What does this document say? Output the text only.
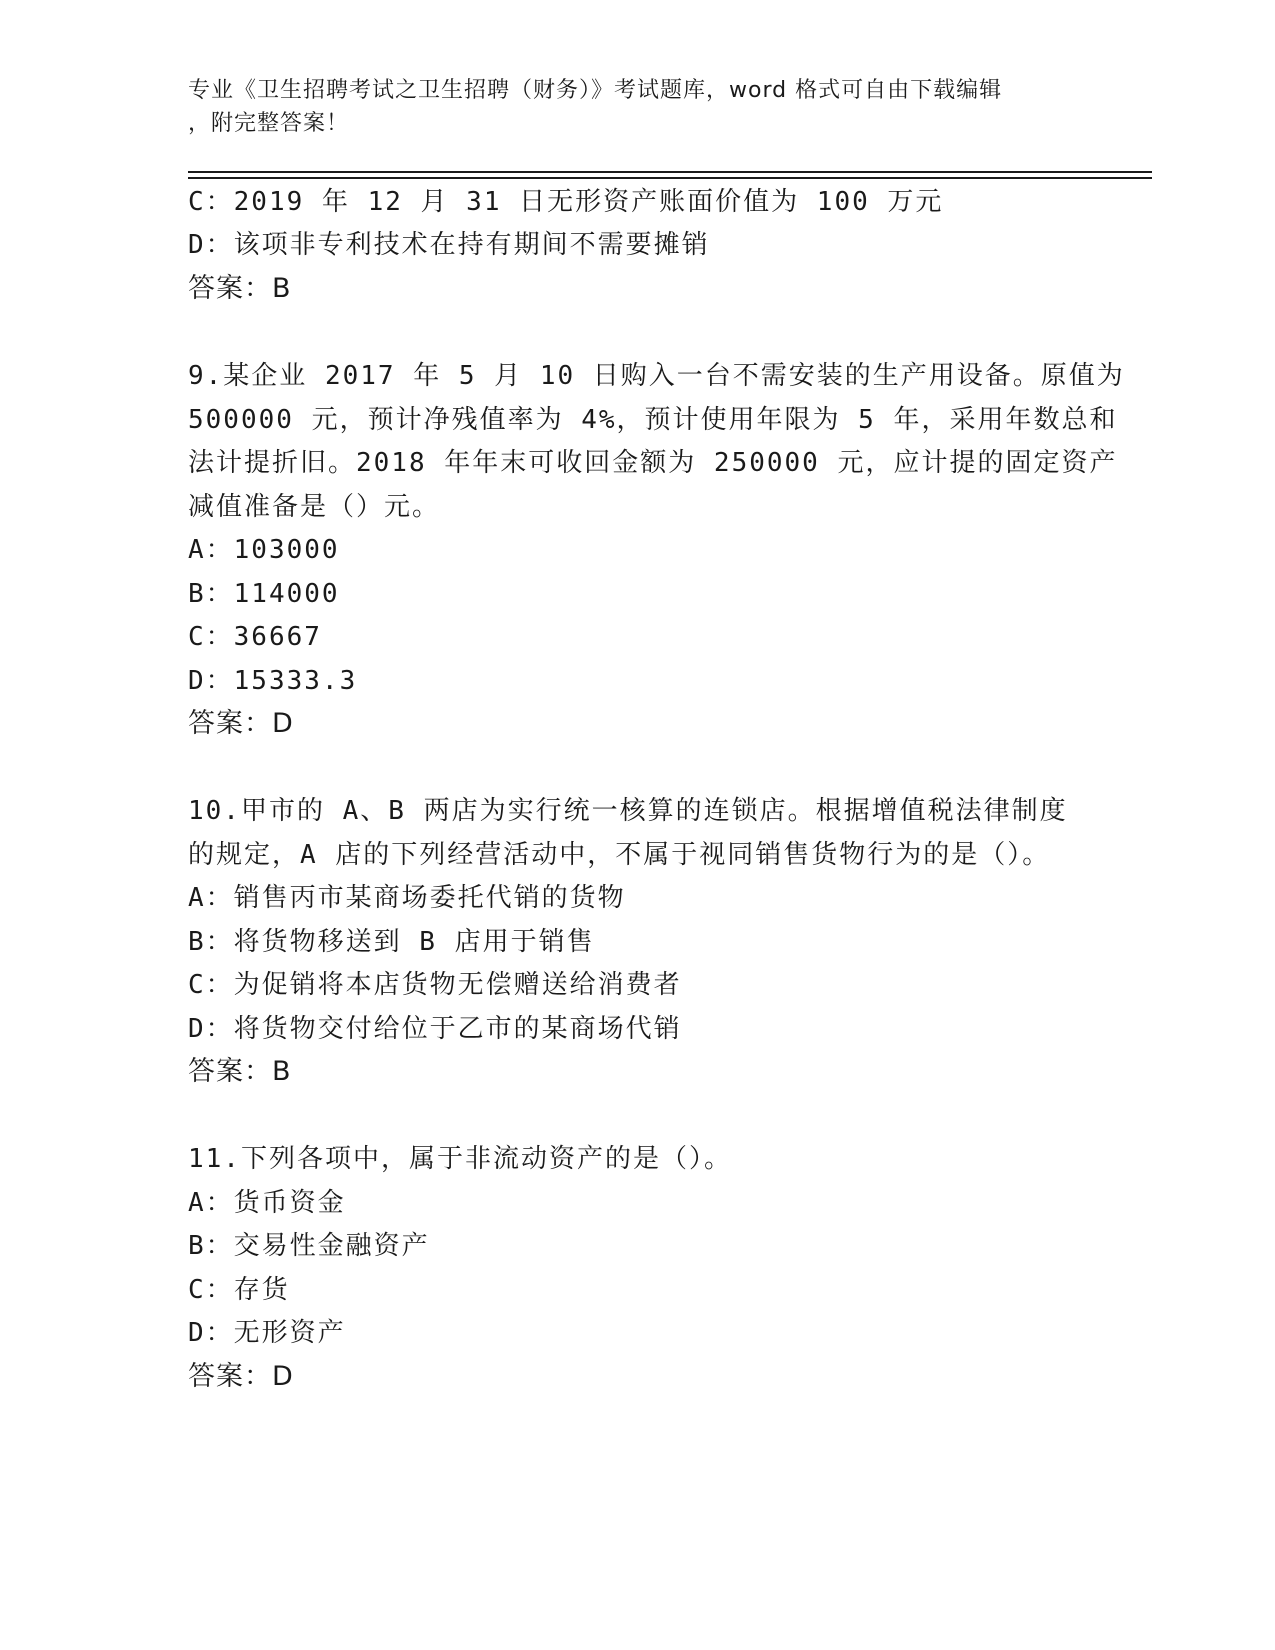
专业《卫生招聘考试之卫生招聘（财务）》考试题库，word 格式可自由下载编辑
，附完整答案！
C：2019 年 12 月 31 日无形资产账面价值为 100 万元
D：该项非专利技术在持有期间不需要摊销
答案：B
9.某企业 2017 年 5 月 10 日购入一台不需安装的生产用设备。原值为
500000 元，预计净残值率为 4%，预计使用年限为 5 年，采用年数总和
法计提折旧。2018 年年末可收回金额为 250000 元，应计提的固定资产
减值准备是（）元。
A：103000
B：114000
C：36667
D：15333.3
答案：D
10.甲市的 A、B 两店为实行统一核算的连锁店。根据增值税法律制度
的规定，A 店的下列经营活动中，不属于视同销售货物行为的是（）。
A：销售丙市某商场委托代销的货物
B：将货物移送到 B 店用于销售
C：为促销将本店货物无偿赠送给消费者
D：将货物交付给位于乙市的某商场代销
答案：B
11.下列各项中，属于非流动资产的是（）。
A：货币资金
B：交易性金融资产
C：存货
D：无形资产
答案：D
